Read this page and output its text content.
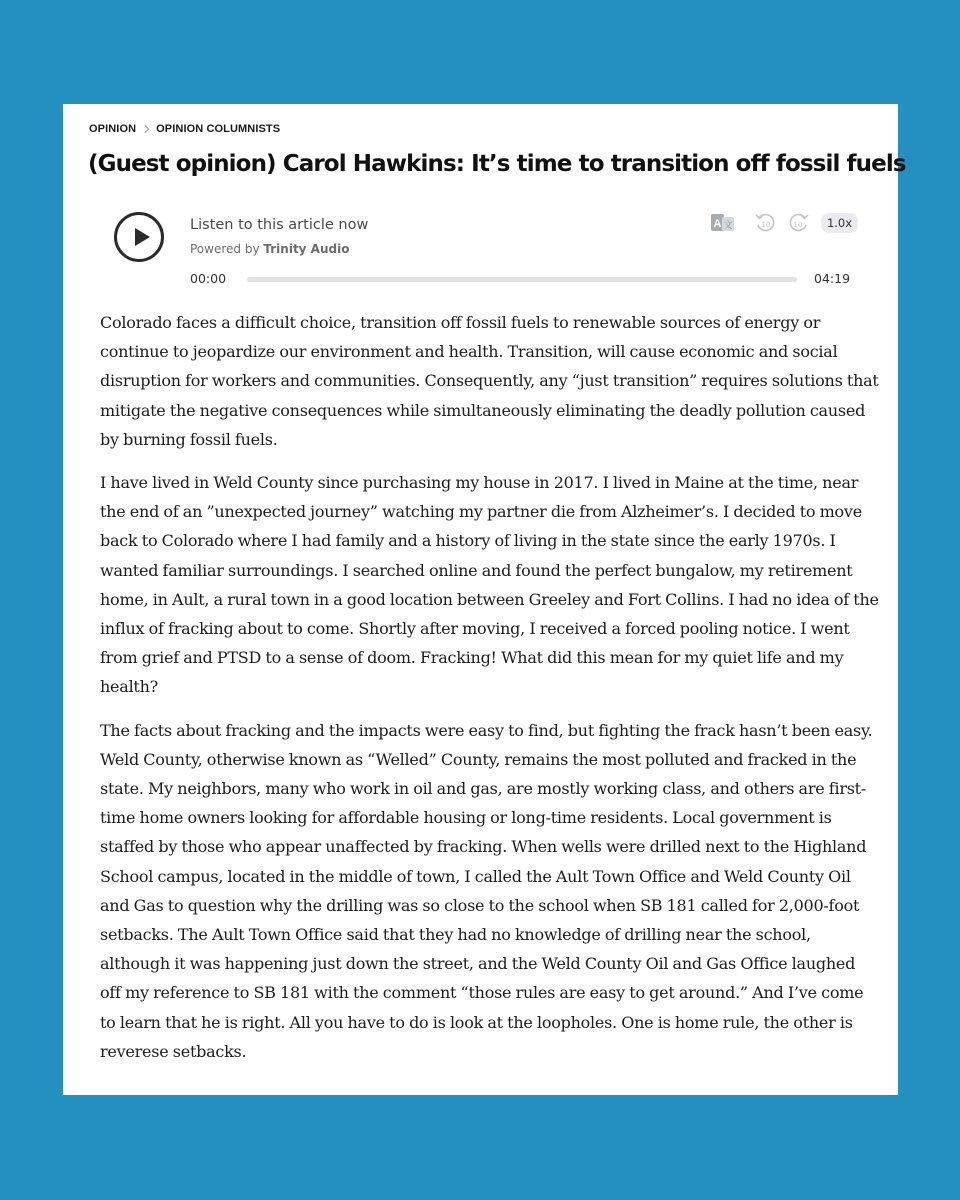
OPINION OPINION COLUMNISTS
(Guest opinion) Carol Hawkins: It’s time to transition off fossil fuels
Listen to this article now
Powered by Trinity Audio
A 文	10	10	1.0x
00:00	04:19

Colorado faces a difficult choice, transition off fossil fuels to renewable sources of energy or continue to jeopardize our environment and health. Transition, will cause economic and social disruption for workers and communities. Consequently, any “just transition” requires solutions that mitigate the negative consequences while simultaneously eliminating the deadly pollution caused by burning fossil fuels.

I have lived in Weld County since purchasing my house in 2017. I lived in Maine at the time, near the end of an ”unexpected journey” watching my partner die from Alzheimer’s. I decided to move back to Colorado where I had family and a history of living in the state since the early 1970s. I wanted familiar surroundings. I searched online and found the perfect bungalow, my retirement home, in Ault, a rural town in a good location between Greeley and Fort Collins. I had no idea of the influx of fracking about to come. Shortly after moving, I received a forced pooling notice. I went from grief and PTSD to a sense of doom. Fracking! What did this mean for my quiet life and my health?

The facts about fracking and the impacts were easy to find, but fighting the frack hasn’t been easy. Weld County, otherwise known as “Welled” County, remains the most polluted and fracked in the state. My neighbors, many who work in oil and gas, are mostly working class, and others are first-time home owners looking for affordable housing or long-time residents. Local government is staffed by those who appear unaffected by fracking. When wells were drilled next to the Highland School campus, located in the middle of town, I called the Ault Town Office and Weld County Oil and Gas to question why the drilling was so close to the school when SB 181 called for 2,000-foot setbacks. The Ault Town Office said that they had no knowledge of drilling near the school, although it was happening just down the street, and the Weld County Oil and Gas Office laughed off my reference to SB 181 with the comment “those rules are easy to get around.” And I’ve come to learn that he is right. All you have to do is look at the loopholes. One is home rule, the other is reverese setbacks.
